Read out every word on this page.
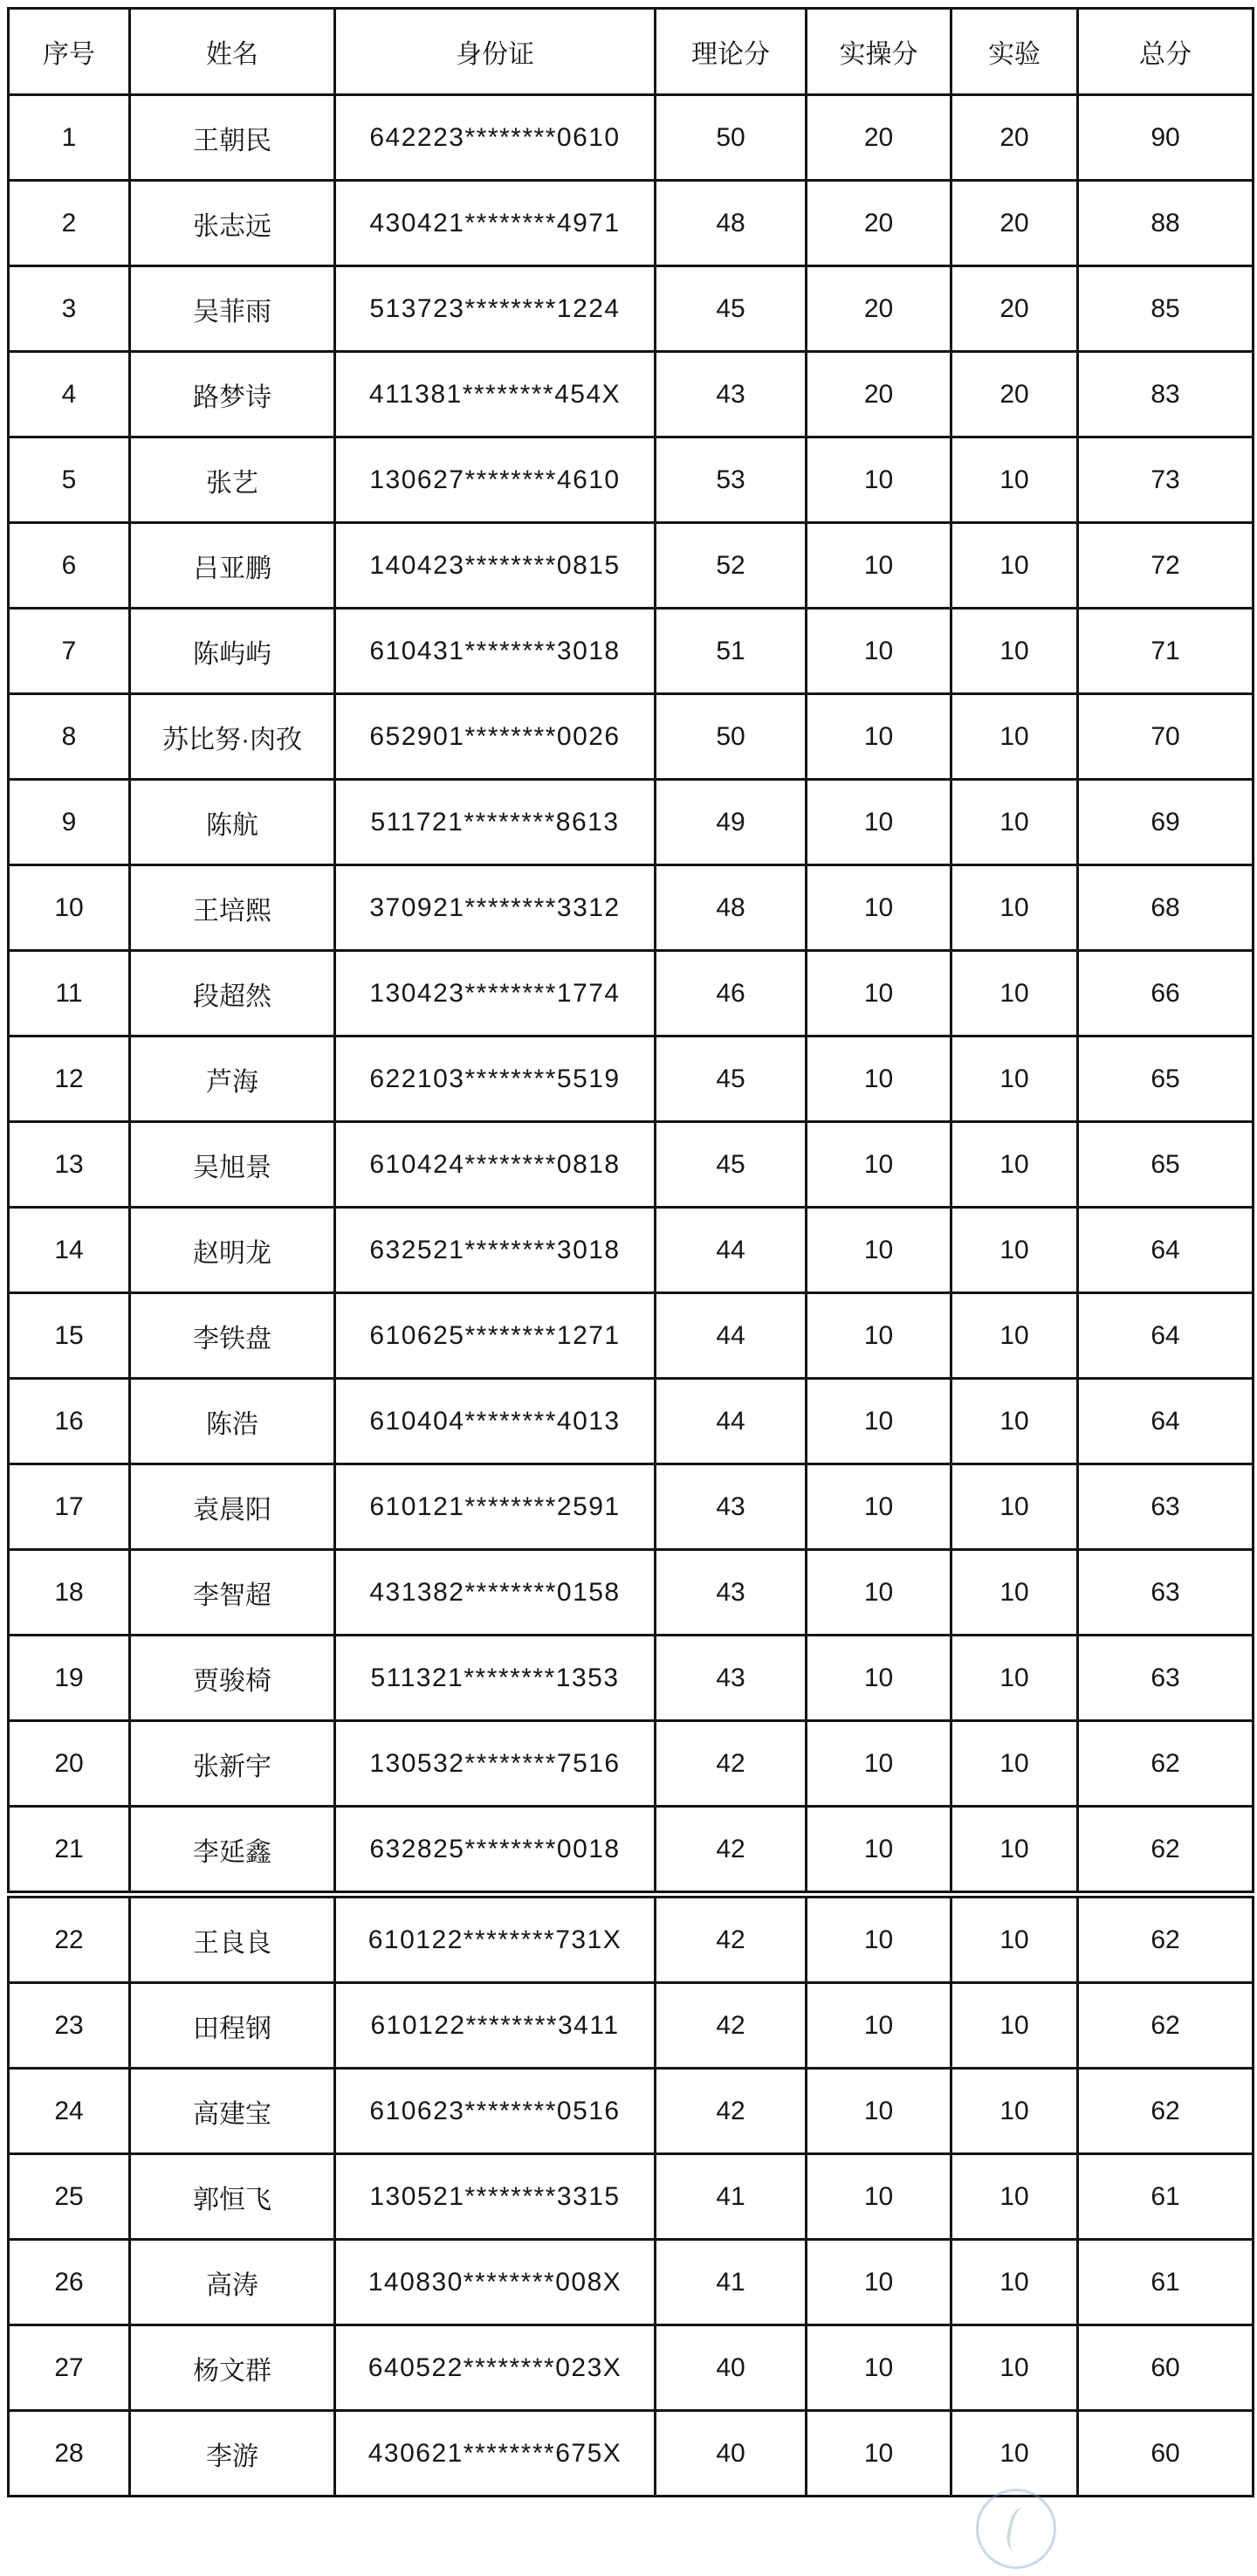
序号	姓名	身份证	理论分	实操分	实验	总分
1	王朝民	642223********0610	50	20	20	90
2	张志远	430421********4971	48	20	20	88
3	吴菲雨	513723********1224	45	20	20	85
4	路梦诗	411381********454X	43	20	20	83
5	张艺	130627********4610	53	10	10	73
6	吕亚鹏	140423********0815	52	10	10	72
7	陈屿屿	610431********3018	51	10	10	71
8	苏比努·肉孜	652901********0026	50	10	10	70
9	陈航	511721********8613	49	10	10	69
10	王培熙	370921********3312	48	10	10	68
11	段超然	130423********1774	46	10	10	66
12	芦海	622103********5519	45	10	10	65
13	吴旭景	610424********0818	45	10	10	65
14	赵明龙	632521********3018	44	10	10	64
15	李铁盘	610625********1271	44	10	10	64
16	陈浩	610404********4013	44	10	10	64
17	袁晨阳	610121********2591	43	10	10	63
18	李智超	431382********0158	43	10	10	63
19	贾骏椅	511321********1353	43	10	10	63
20	张新宇	130532********7516	42	10	10	62
21	李延鑫	632825********0018	42	10	10	62
22	王良良	610122********731X	42	10	10	62
23	田程钢	610122********3411	42	10	10	62
24	高建宝	610623********0516	42	10	10	62
25	郭恒飞	130521********3315	41	10	10	61
26	高涛	140830********008X	41	10	10	61
27	杨文群	640522********023X	40	10	10	60
28	李游	430621********675X	40	10	10	60
